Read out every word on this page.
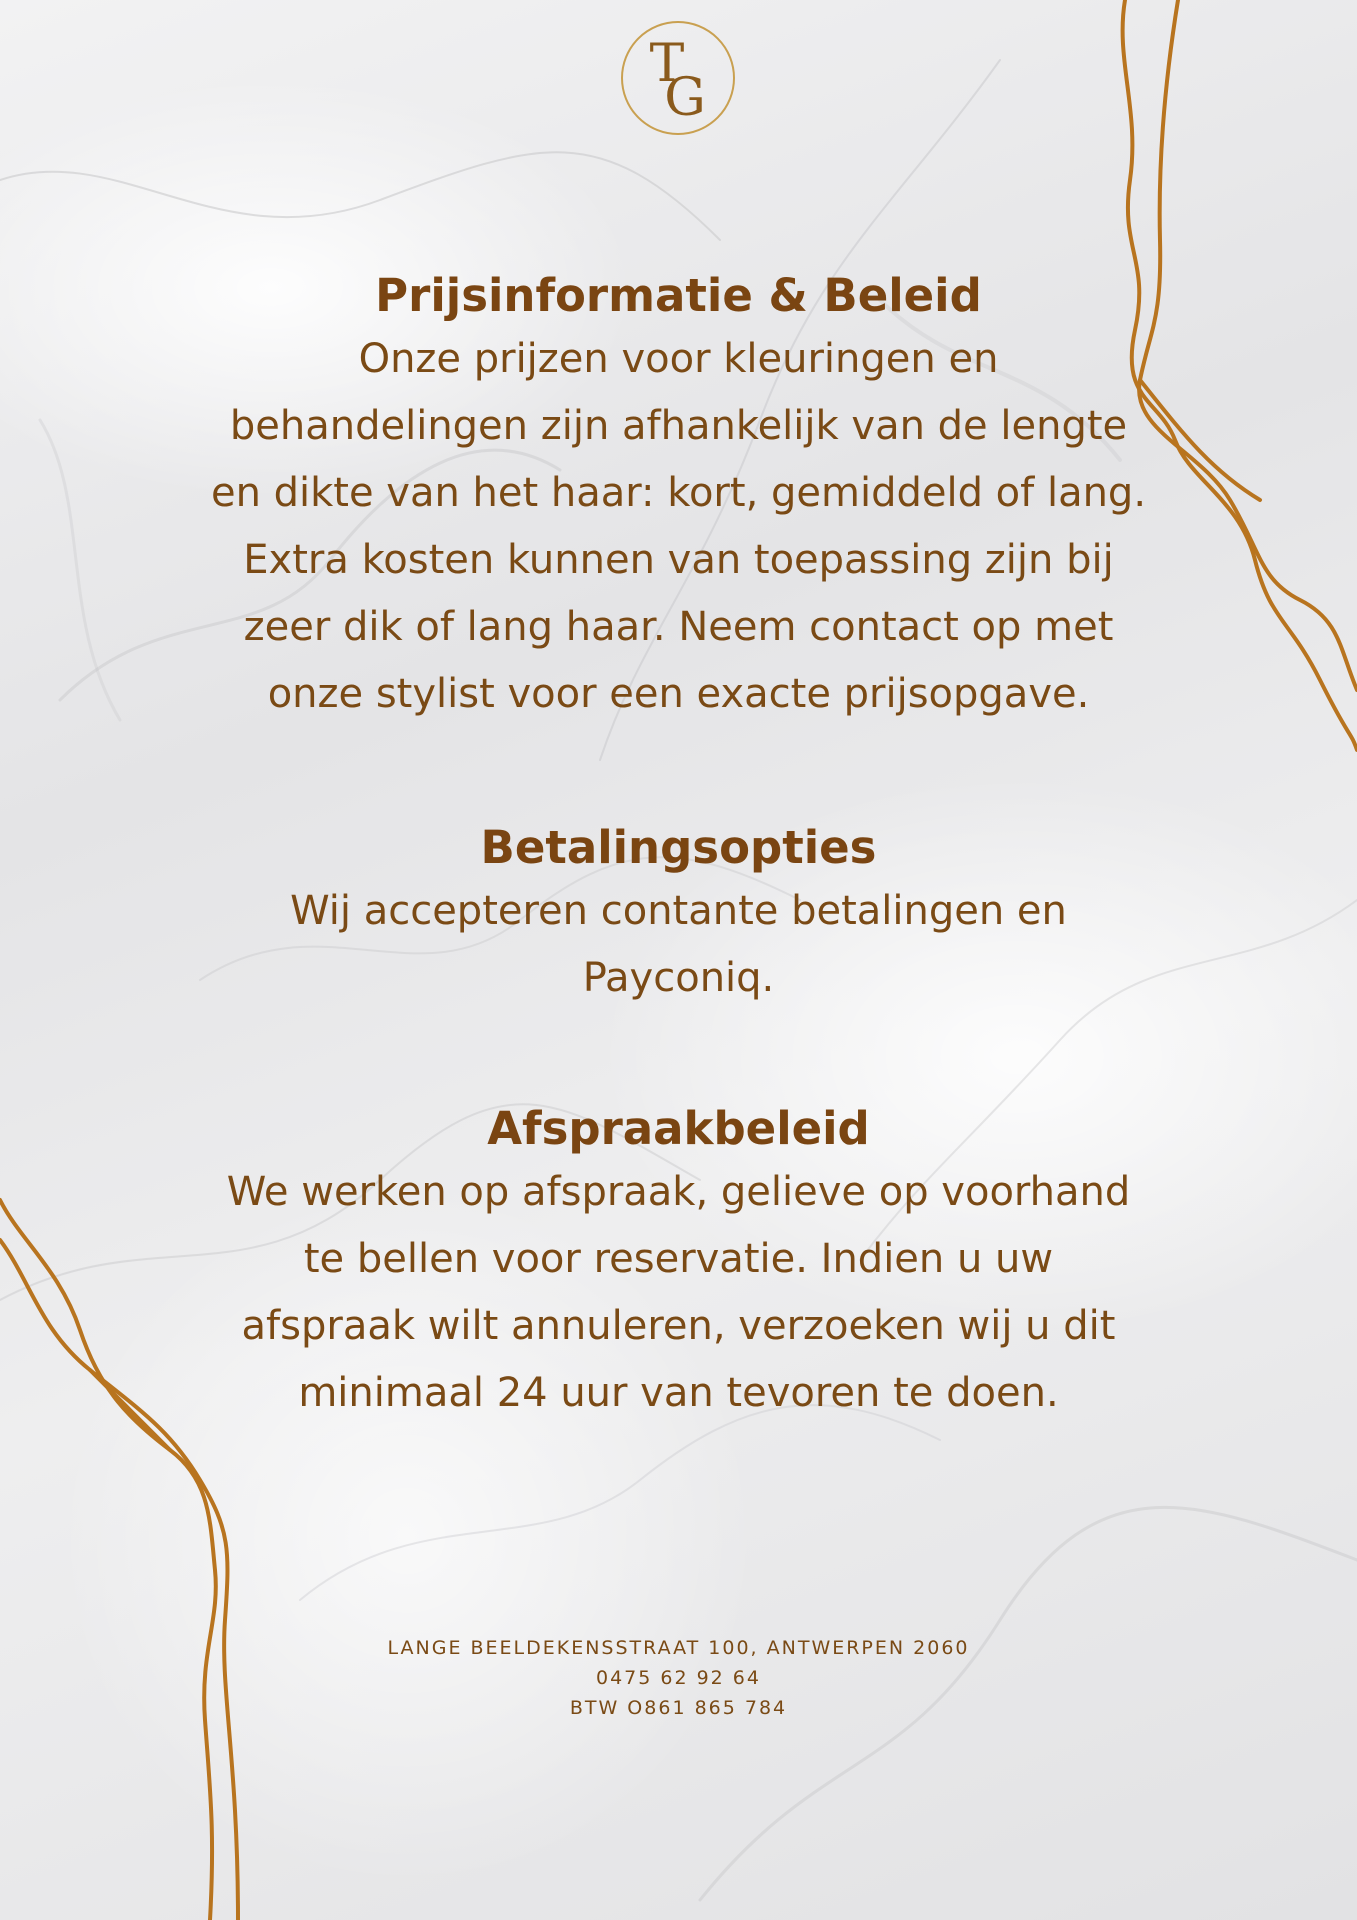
T
G
Prijsinformatie & Beleid

Onze prijzen voor kleuringen en
behandelingen zijn afhankelijk van de lengte
en dikte van het haar: kort, gemiddeld of lang.
Extra kosten kunnen van toepassing zijn bij
zeer dik of lang haar. Neem contact op met
onze stylist voor een exacte prijsopgave.

Betalingsopties

Wij accepteren contante betalingen en
Payconiq.

Afspraakbeleid

We werken op afspraak, gelieve op voorhand
te bellen voor reservatie. Indien u uw
afspraak wilt annuleren, verzoeken wij u dit
minimaal 24 uur van tevoren te doen.

LANGE BEELDEKENSSTRAAT 100, ANTWERPEN 2060
0475 62 92 64
BTW O861 865 784
